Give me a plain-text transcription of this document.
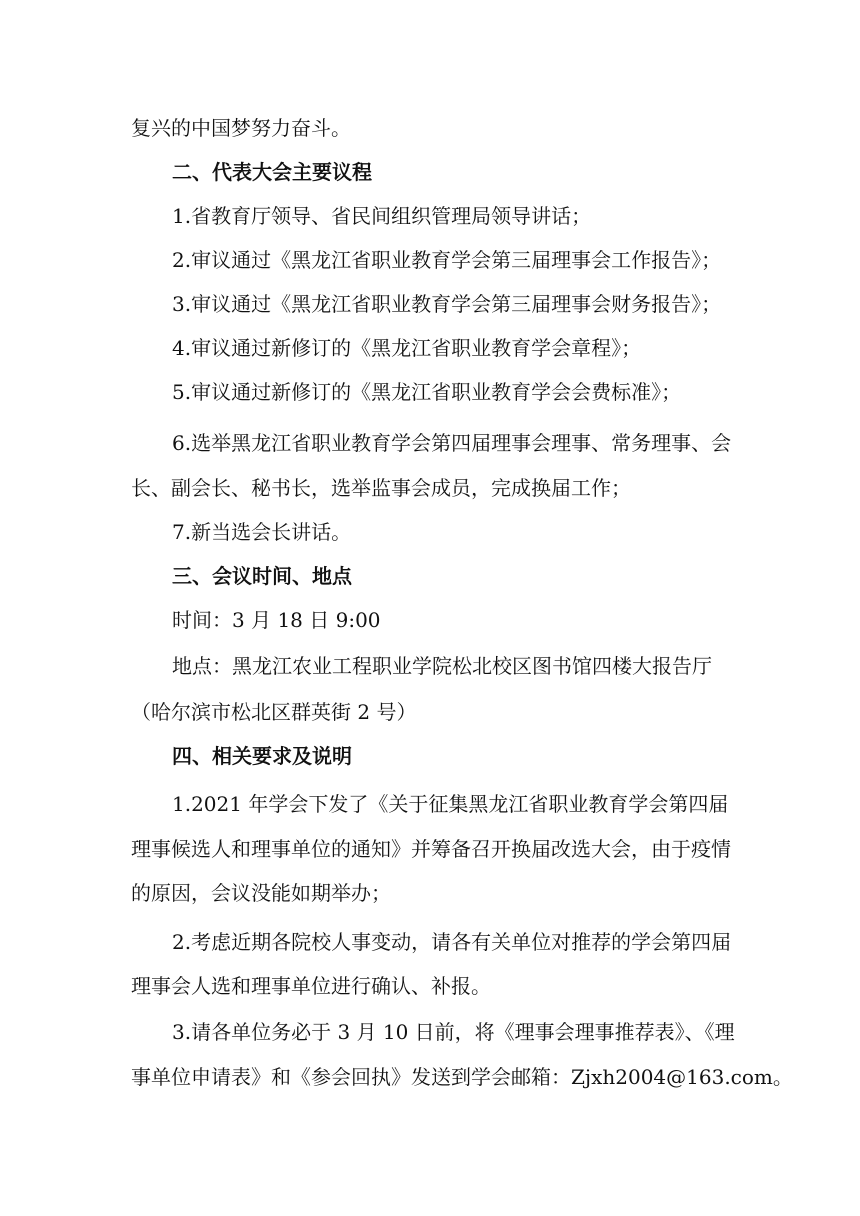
复兴的中国梦努力奋斗。
二、代表大会主要议程
1.省教育厅领导、省民间组织管理局领导讲话；
2.审议通过《黑龙江省职业教育学会第三届理事会工作报告》；
3.审议通过《黑龙江省职业教育学会第三届理事会财务报告》；
4.审议通过新修订的《黑龙江省职业教育学会章程》；
5.审议通过新修订的《黑龙江省职业教育学会会费标准》；
6.选举黑龙江省职业教育学会第四届理事会理事、常务理事、会
长、副会长、秘书长，选举监事会成员，完成换届工作；
7.新当选会长讲话。
三、会议时间、地点
时间：3 月 18 日 9:00
地点：黑龙江农业工程职业学院松北校区图书馆四楼大报告厅
（哈尔滨市松北区群英街 2 号）
四、相关要求及说明
1.2021 年学会下发了《关于征集黑龙江省职业教育学会第四届
理事候选人和理事单位的通知》并筹备召开换届改选大会，由于疫情
的原因，会议没能如期举办；
2.考虑近期各院校人事变动，请各有关单位对推荐的学会第四届
理事会人选和理事单位进行确认、补报。
3.请各单位务必于 3 月 10 日前，将《理事会理事推荐表》、《理
事单位申请表》和《参会回执》发送到学会邮箱：Zjxh2004@163.com。
